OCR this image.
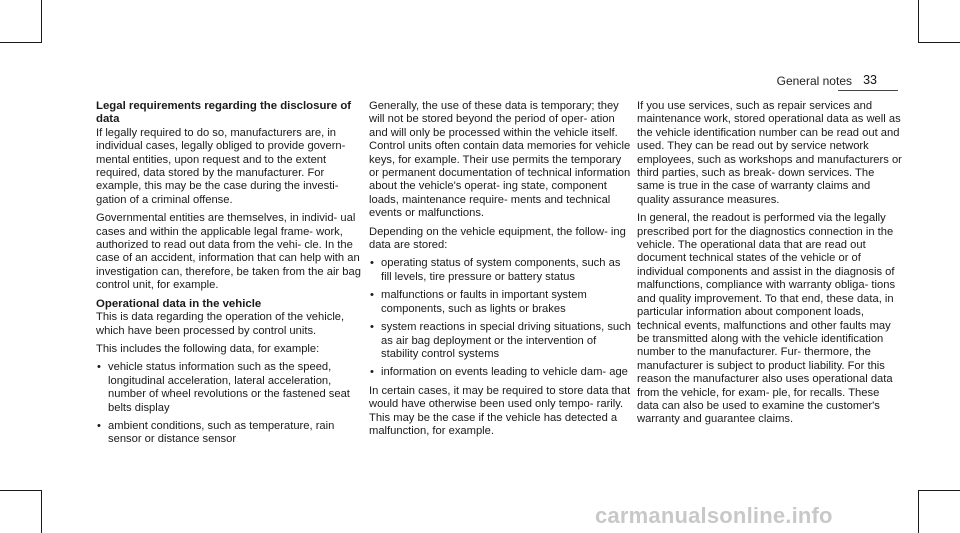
General notes 33
Legal requirements regarding the disclosure of data

If legally required to do so, manufacturers are, in individual cases, legally obliged to provide govern- mental entities, upon request and to the extent required, data stored by the manufacturer. For example, this may be the case during the investi- gation of a criminal offense.

Governmental entities are themselves, in individ- ual cases and within the applicable legal frame- work, authorized to read out data from the vehi- cle. In the case of an accident, information that can help with an investigation can, therefore, be taken from the air bag control unit, for example.

Operational data in the vehicle

This is data regarding the operation of the vehicle, which have been processed by control units.

This includes the following data, for example:

• vehicle status information such as the speed, longitudinal acceleration, lateral acceleration, number of wheel revolutions or the fastened seat belts display
• ambient conditions, such as temperature, rain sensor or distance sensor

Generally, the use of these data is temporary; they will not be stored beyond the period of oper- ation and will only be processed within the vehicle itself. Control units often contain data memories for vehicle keys, for example. Their use permits the temporary or permanent documentation of technical information about the vehicle's operat- ing state, component loads, maintenance require- ments and technical events or malfunctions.

Depending on the vehicle equipment, the follow- ing data are stored:

• operating status of system components, such as fill levels, tire pressure or battery status
• malfunctions or faults in important system components, such as lights or brakes
• system reactions in special driving situations, such as air bag deployment or the intervention of stability control systems
• information on events leading to vehicle dam- age

In certain cases, it may be required to store data that would have otherwise been used only tempo- rarily. This may be the case if the vehicle has detected a malfunction, for example.

If you use services, such as repair services and maintenance work, stored operational data as well as the vehicle identification number can be read out and used. They can be read out by service network employees, such as workshops and manufacturers or third parties, such as break- down services. The same is true in the case of warranty claims and quality assurance measures.

In general, the readout is performed via the legally prescribed port for the diagnostics connection in the vehicle. The operational data that are read out document technical states of the vehicle or of individual components and assist in the diagnosis of malfunctions, compliance with warranty obliga- tions and quality improvement. To that end, these data, in particular information about component loads, technical events, malfunctions and other faults may be transmitted along with the vehicle identification number to the manufacturer. Fur- thermore, the manufacturer is subject to product liability. For this reason the manufacturer also uses operational data from the vehicle, for exam- ple, for recalls. These data can also be used to examine the customer's warranty and guarantee claims.

carmanualsonline.info
